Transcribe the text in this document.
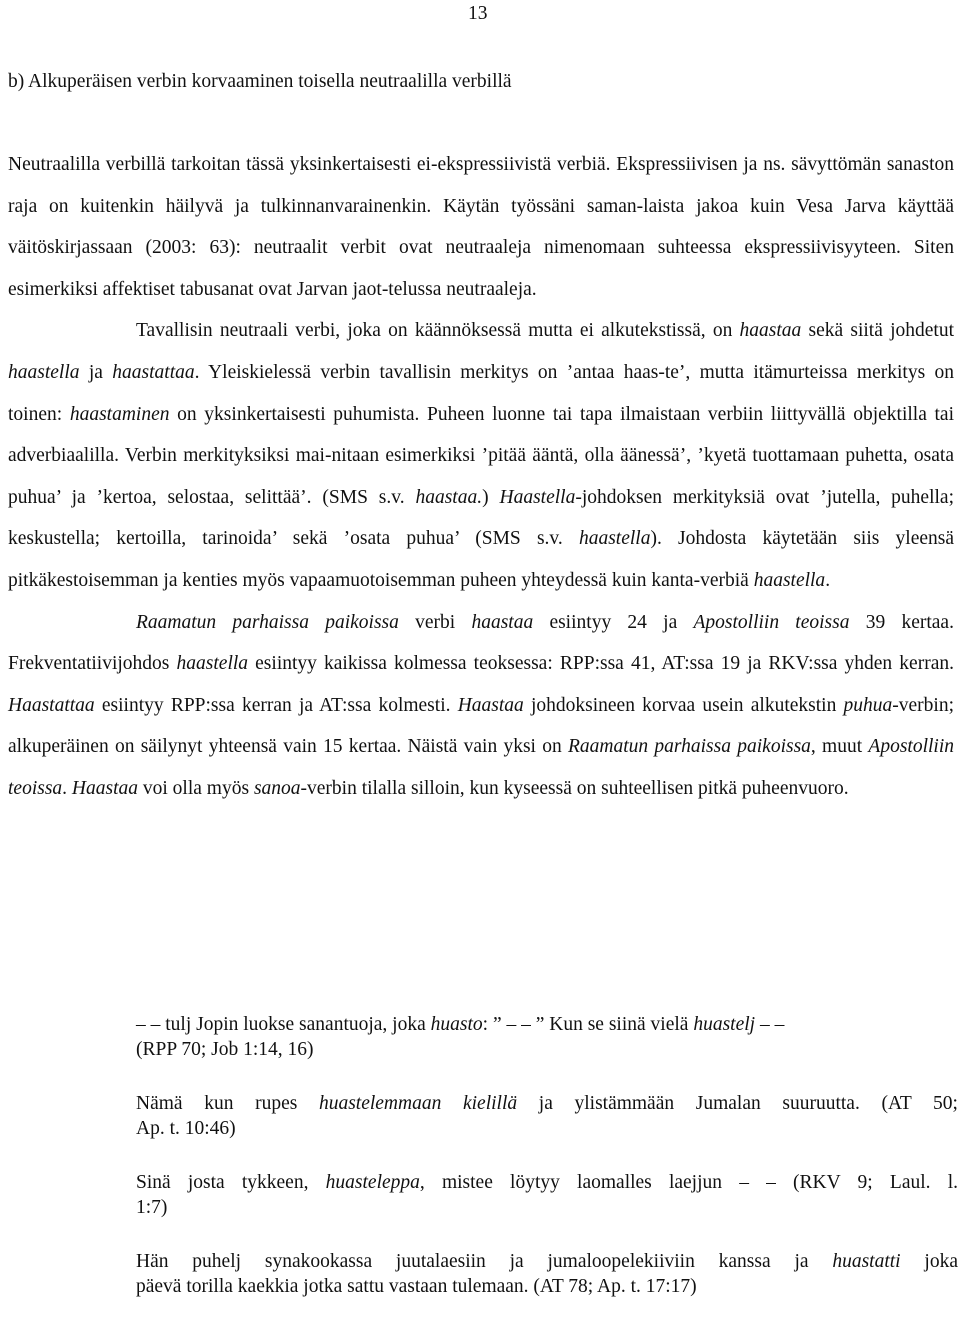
13
b) Alkuperäisen verbin korvaaminen toisella neutraalilla verbillä

Neutraalilla verbillä tarkoitan tässä yksinkertaisesti ei-ekspressiivistä verbiä. Ekspressiivisen ja ns. sävyttömän sanaston raja on kuitenkin häilyvä ja tulkinnanvarainenkin. Käytän työssäni saman-laista jakoa kuin Vesa Jarva käyttää väitöskirjassaan (2003: 63): neutraalit verbit ovat neutraaleja nimenomaan suhteessa ekspressiivisyyteen. Siten esimerkiksi affektiset tabusanat ovat Jarvan jaot-telussa neutraaleja.

Tavallisin neutraali verbi, joka on käännöksessä mutta ei alkutekstissä, on haastaa sekä siitä johdetut haastella ja haastattaa. Yleiskielessä verbin tavallisin merkitys on ’antaa haas-te’, mutta itämurteissa merkitys on toinen: haastaminen on yksinkertaisesti puhumista. Puheen luonne tai tapa ilmaistaan verbiin liittyvällä objektilla tai adverbiaalilla. Verbin merkityksiksi mai-nitaan esimerkiksi ’pitää ääntä, olla äänessä’, ’kyetä tuottamaan puhetta, osata puhua’ ja ’kertoa, selostaa, selittää’. (SMS s.v. haastaa.) Haastella-johdoksen merkityksiä ovat ’jutella, puhella; keskustella; kertoilla, tarinoida’ sekä ’osata puhua’ (SMS s.v. haastella). Johdosta käytetään siis yleensä pitkäkestoisemman ja kenties myös vapaamuotoisemman puheen yhteydessä kuin kanta-verbiä haastella.

Raamatun parhaissa paikoissa verbi haastaa esiintyy 24 ja Apostolliin teoissa 39 kertaa. Frekventatiivijohdos haastella esiintyy kaikissa kolmessa teoksessa: RPP:ssa 41, AT:ssa 19 ja RKV:ssa yhden kerran. Haastattaa esiintyy RPP:ssa kerran ja AT:ssa kolmesti. Haastaa johdoksineen korvaa usein alkutekstin puhua-verbin; alkuperäinen on säilynyt yhteensä vain 15 kertaa. Näistä vain yksi on Raamatun parhaissa paikoissa, muut Apostolliin teoissa. Haastaa voi olla myös sanoa-verbin tilalla silloin, kun kyseessä on suhteellisen pitkä puheenvuoro.

– – tulj Jopin luokse sanantuoja, joka huasto: ” – – ” Kun se siinä vielä huastelj – –
(RPP 70; Job 1:14, 16)

Nämä kun rupes huastelemmaan kielillä ja ylistämmään Jumalan suuruutta. (AT 50;
Ap. t. 10:46)

Sinä josta tykkeen, huasteleppa, mistee löytyy laomalles laejjun – – (RKV 9; Laul. l.
1:7)

Hän puhelj synakookassa juutalaesiin ja jumaloopelekiiviin kanssa ja huastatti joka
päevä torilla kaekkia jotka sattu vastaan tulemaan. (AT 78; Ap. t. 17:17)
